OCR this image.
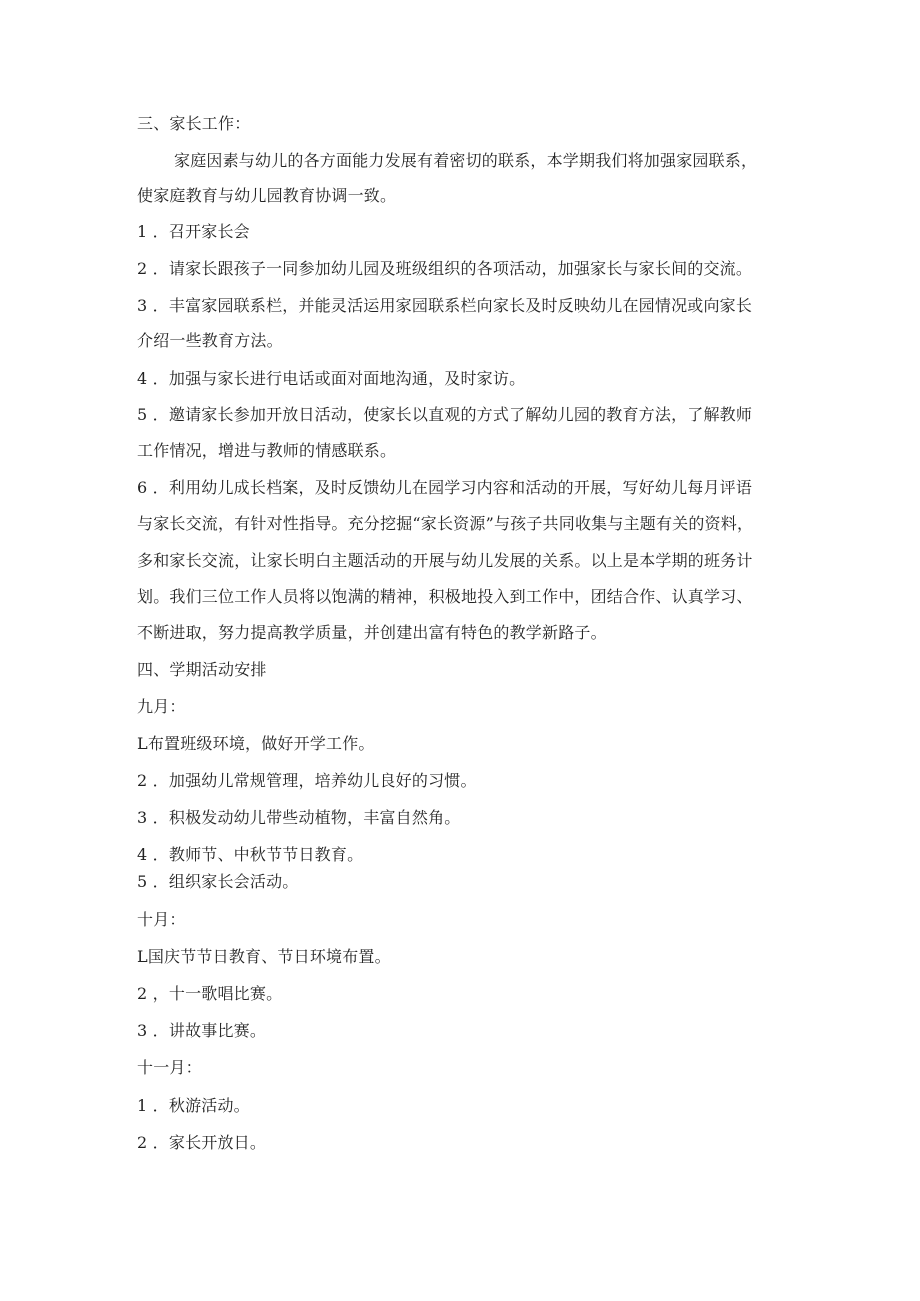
三、家长工作：
家庭因素与幼儿的各方面能力发展有着密切的联系，本学期我们将加强家园联系，
使家庭教育与幼儿园教育协调一致。
1 ．召开家长会
2 ．请家长跟孩子一同参加幼儿园及班级组织的各项活动，加强家长与家长间的交流。
3 ．丰富家园联系栏，并能灵活运用家园联系栏向家长及时反映幼儿在园情况或向家长
介绍一些教育方法。
4 ．加强与家长进行电话或面对面地沟通，及时家访。
5 ．邀请家长参加开放日活动，使家长以直观的方式了解幼儿园的教育方法，了解教师
工作情况，增进与教师的情感联系。
6 ．利用幼儿成长档案，及时反馈幼儿在园学习内容和活动的开展，写好幼儿每月评语
与家长交流，有针对性指导。充分挖掘“家长资源”与孩子共同收集与主题有关的资料，
多和家长交流，让家长明白主题活动的开展与幼儿发展的关系。以上是本学期的班务计
划。我们三位工作人员将以饱满的精神，积极地投入到工作中，团结合作、认真学习、
不断进取，努力提高教学质量，并创建出富有特色的教学新路子。
四、学期活动安排
九月：
L布置班级环境，做好开学工作。
2 ．加强幼儿常规管理，培养幼儿良好的习惯。
3 ．积极发动幼儿带些动植物，丰富自然角。
4 ．教师节、中秋节节日教育。
5 ．组织家长会活动。
十月：
L国庆节节日教育、节日环境布置。
2 ，十一歌唱比赛。
3 ．讲故事比赛。
十一月：
1 ．秋游活动。
2 ．家长开放日。
